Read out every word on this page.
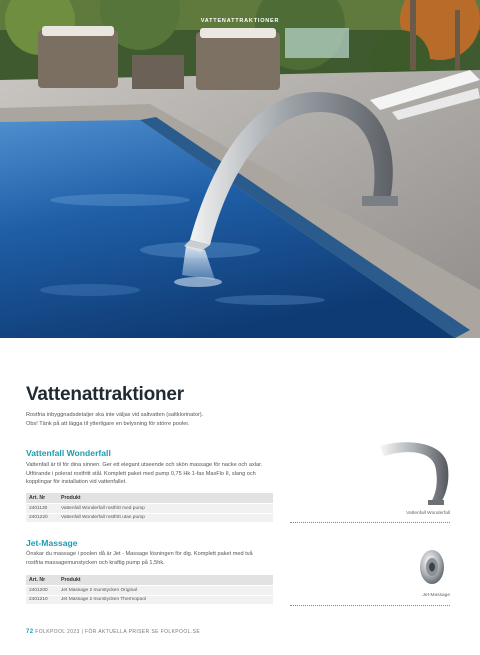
VATTENATTRAKTIONER
Vattenattraktioner

Rostfria inbyggnadsdetaljer ska inte väljas vid saltvatten (saltklorinator).

Obs! Tänk på att lägga til ytterligare en belysning för större pooler.

Vattenfall Wonderfall

Vattenfall är til för dina sinnen. Ger ett elegant utseende och skön massage för nacke och axlar. Utförande i polerat rostfritt stål. Komplett paket med pump 0,75 Hk 1-fas MaxFlo II, slang och kopplingar för installation vid vattenfallet.

Art. Nr	Produkt
2401130	Vattenfall Wonderfall rostfritt med pump
2401220	Vattenfall Wonderfall rostfritt utan pump
Vattenfall Wonderfall
Jet-Massage

Önskar du massage i poolen då är Jet - Massage lösningen för dig. Komplett paket med två rostfria massagemunstycken och kraftig pump på 1,5hk.

Art. Nr	Produkt
2401200	Jet Massage 2 munstycken Original
2401210	Jet Massage 2 munstycken Thermopool
Jet-Massage
72 FOLKPOOL 2023 | FÖR AKTUELLA PRISER SE FOLKPOOL.SE
